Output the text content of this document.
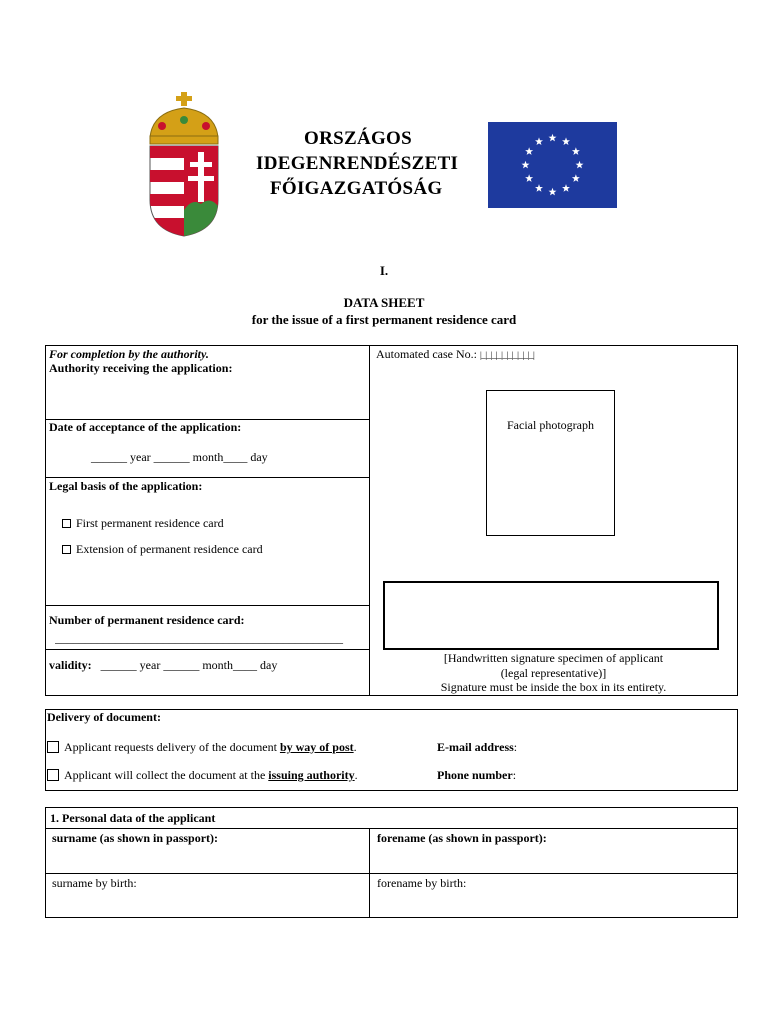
ORSZÁGOS
IDEGENRENDÉSZETI
FŐIGAZGATÓSÁG
I.
DATA SHEET
for the issue of a first permanent residence card
For completion by the authority.
Authority receiving the application:
Date of acceptance of the application:
______ year ______ month____ day
Legal basis of the application:
First permanent residence card
Extension of permanent residence card
Number of permanent residence card:
________________________________________________
validity: ______ year ______ month____ day
Automated case No.: |_|_|_|_|_|_|_|_|_|_|
Facial photograph
[Handwritten signature specimen of applicant
(legal representative)]
Signature must be inside the box in its entirety.
Delivery of document:
Applicant requests delivery of the document by way of post.
Applicant will collect the document at the issuing authority.
E-mail address:
Phone number:
1. Personal data of the applicant
surname (as shown in passport):	forename (as shown in passport):
surname by birth:	forename by birth:
